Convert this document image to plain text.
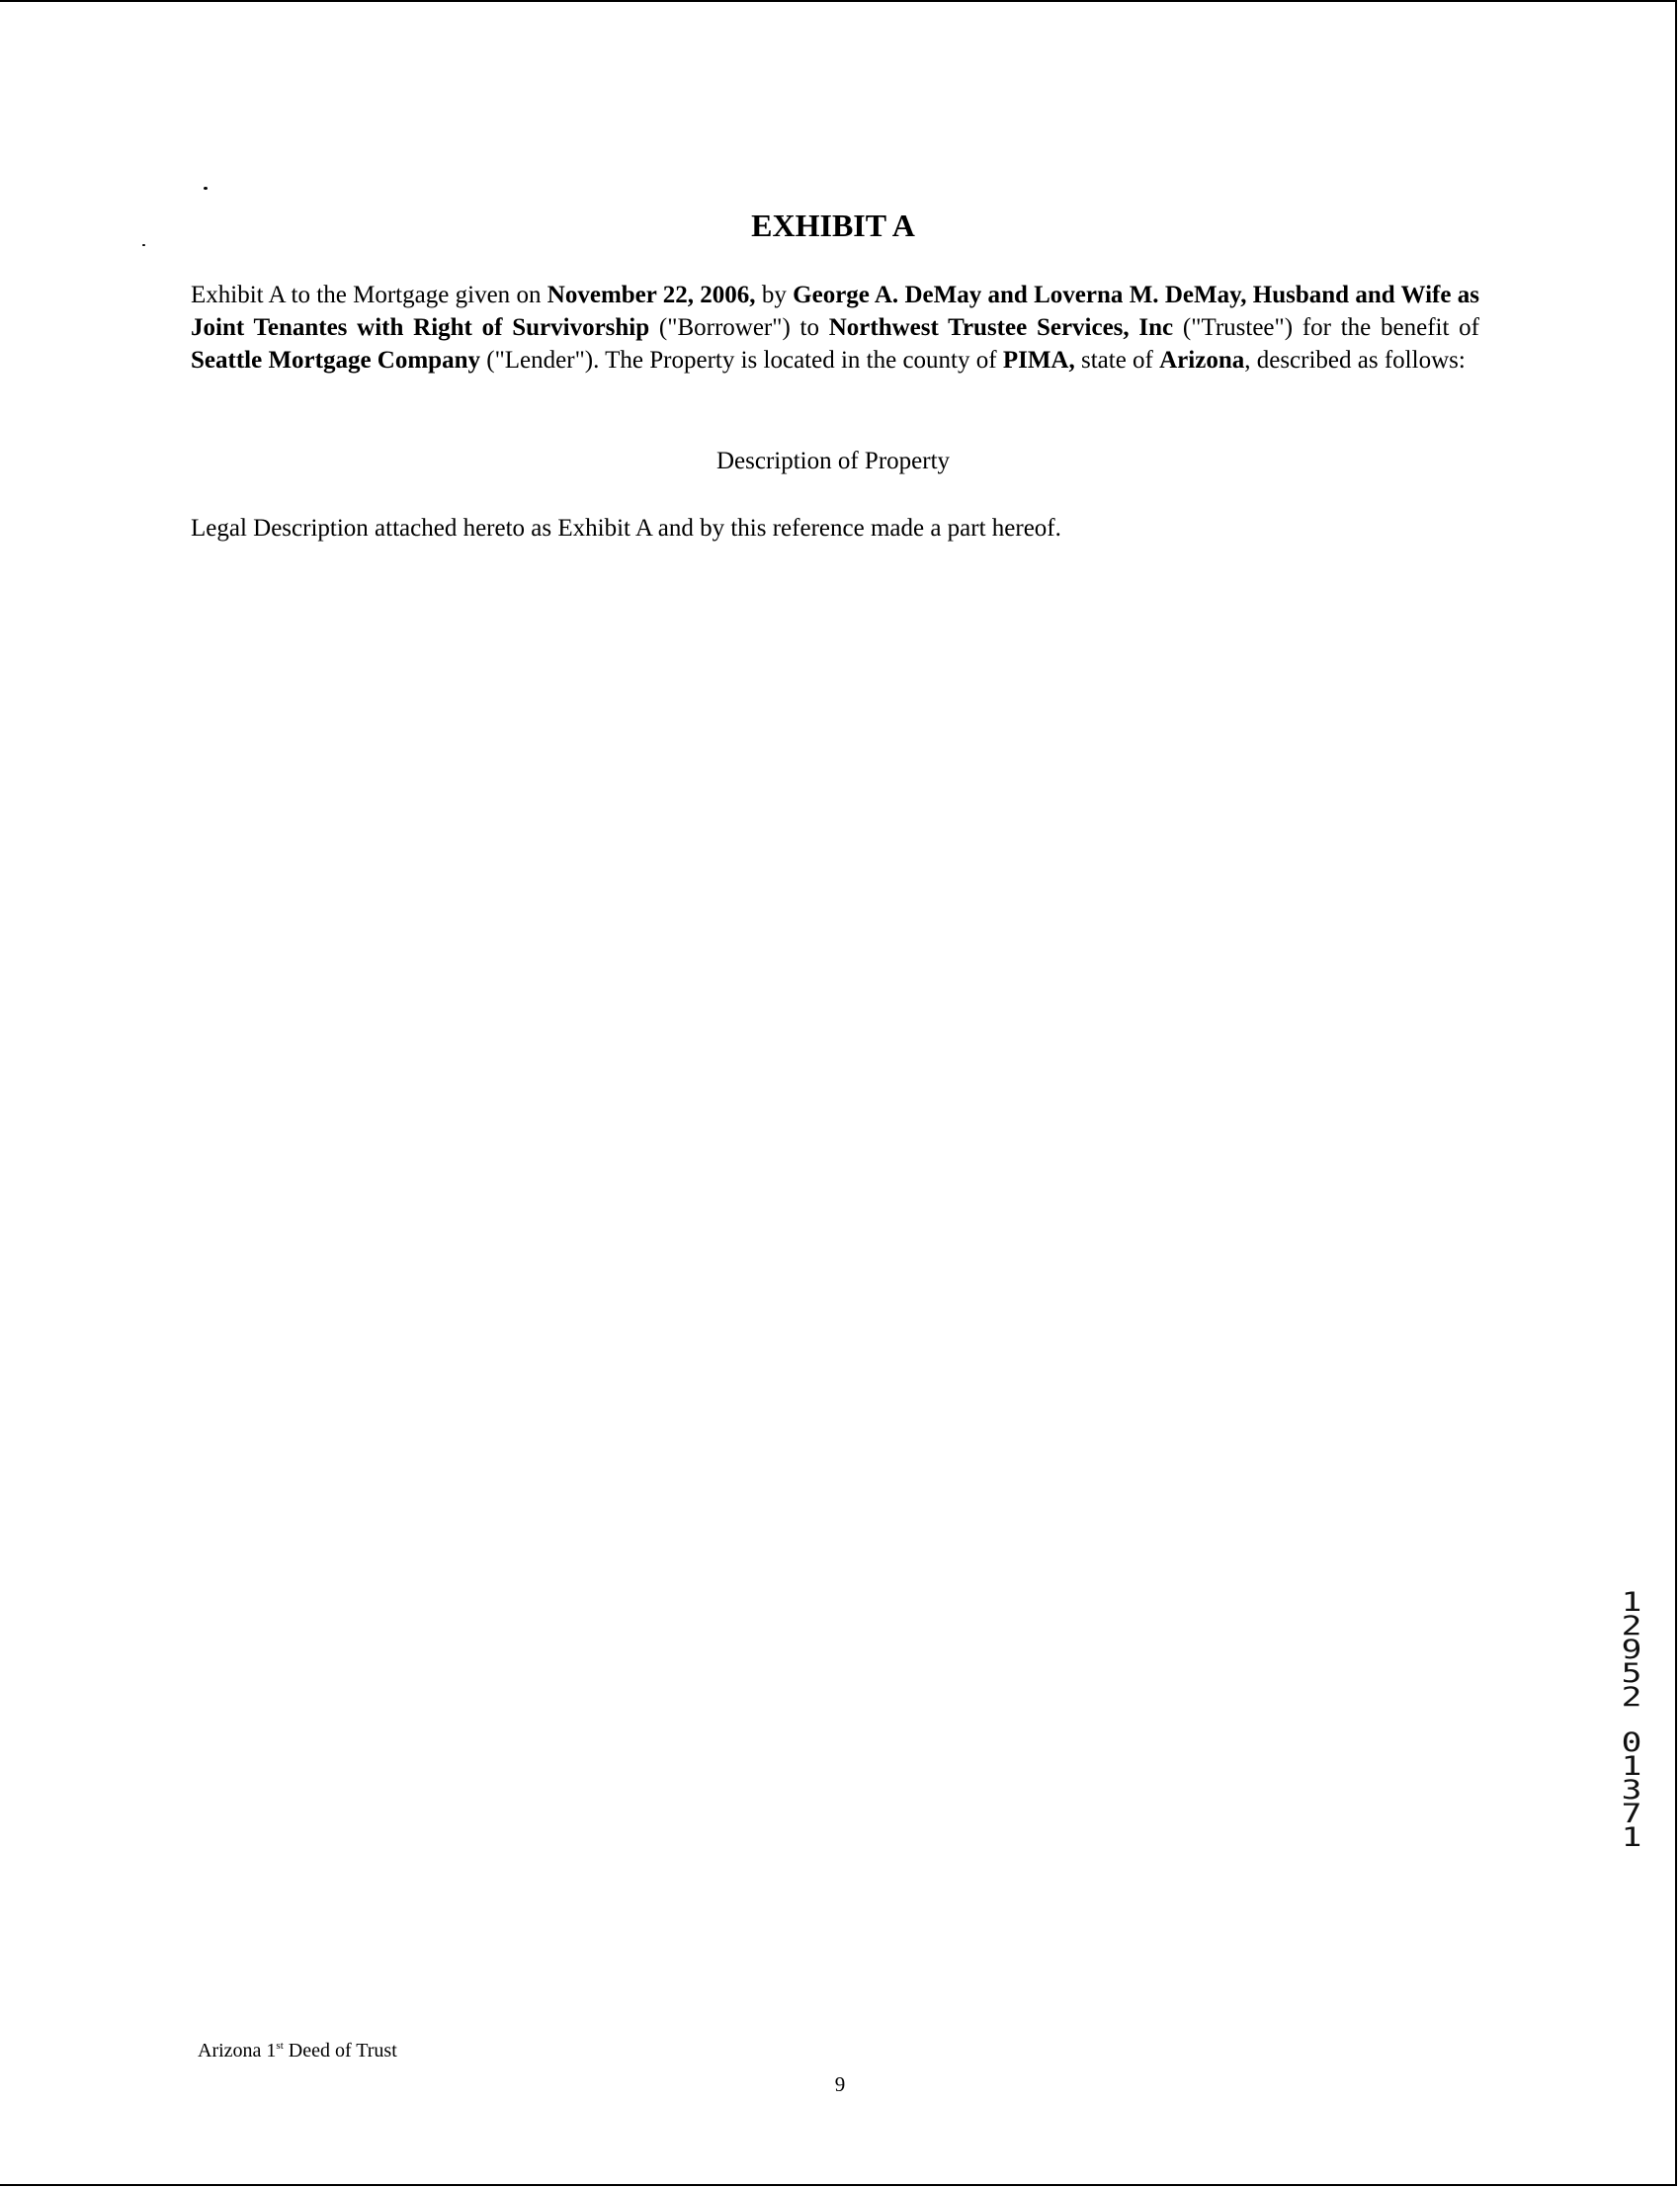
EXHIBIT A
Exhibit A to the Mortgage given on November 22, 2006, by George A. DeMay and Loverna M. DeMay, Husband and Wife as Joint Tenantes with Right of Survivorship ("Borrower") to Northwest Trustee Services, Inc ("Trustee") for the benefit of Seattle Mortgage Company ("Lender"). The Property is located in the county of PIMA, state of Arizona, described as follows:
Description of Property
Legal Description attached hereto as Exhibit A and by this reference made a part hereof.
1
2
9
5
2
0
1
3
7
1
Arizona 1st Deed of Trust
9
